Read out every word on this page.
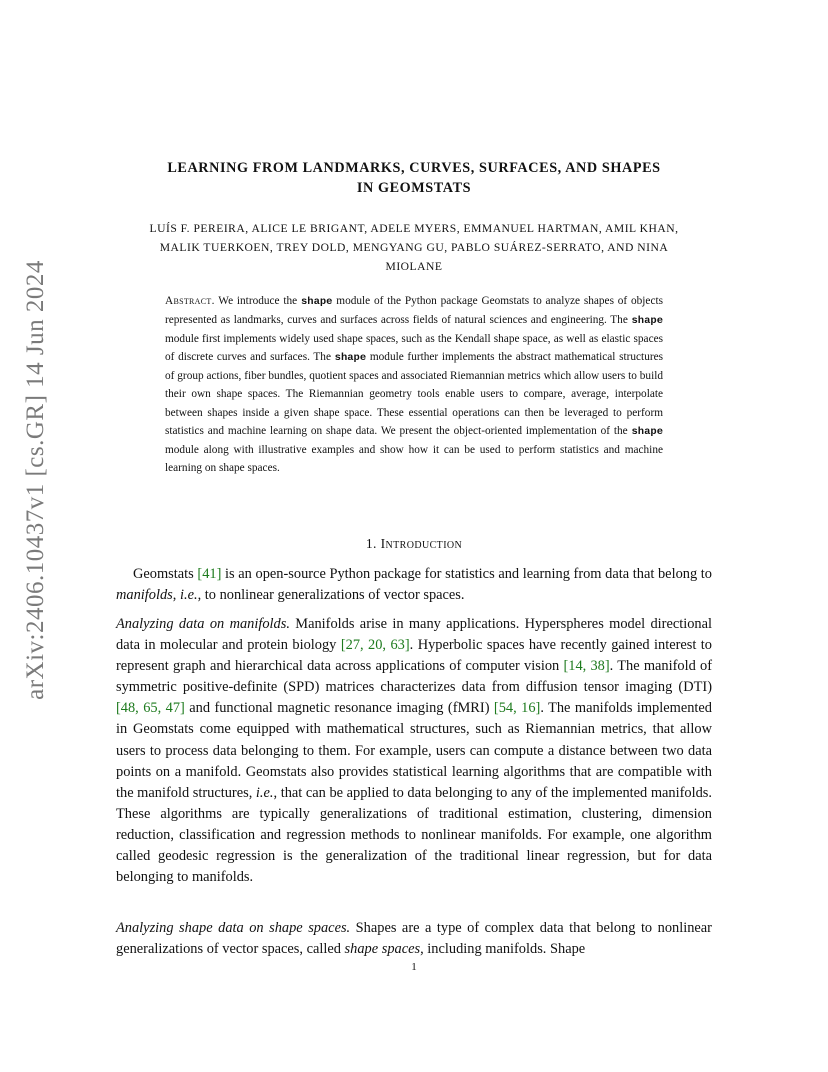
arXiv:2406.10437v1 [cs.GR] 14 Jun 2024
LEARNING FROM LANDMARKS, CURVES, SURFACES, AND SHAPES
IN GEOMSTATS
LUÍS F. PEREIRA, ALICE LE BRIGANT, ADELE MYERS, EMMANUEL HARTMAN, AMIL KHAN,
MALIK TUERKOEN, TREY DOLD, MENGYANG GU, PABLO SUÁREZ-SERRATO, AND NINA
MIOLANE
Abstract. We introduce the shape module of the Python package Geomstats to analyze shapes of objects represented as landmarks, curves and surfaces across fields of natural sciences and engineering. The shape module first implements widely used shape spaces, such as the Kendall shape space, as well as elastic spaces of discrete curves and surfaces. The shape module further implements the abstract mathematical structures of group actions, fiber bundles, quotient spaces and associated Riemannian metrics which allow users to build their own shape spaces. The Riemannian geometry tools enable users to compare, average, interpolate between shapes inside a given shape space. These essential operations can then be leveraged to perform statistics and machine learning on shape data. We present the object-oriented implementation of the shape module along with illustrative examples and show how it can be used to perform statistics and machine learning on shape spaces.
1. Introduction
Geomstats [41] is an open-source Python package for statistics and learning from data that belong to manifolds, i.e., to nonlinear generalizations of vector spaces.
Analyzing data on manifolds. Manifolds arise in many applications. Hyperspheres model directional data in molecular and protein biology [27, 20, 63]. Hyperbolic spaces have recently gained interest to represent graph and hierarchical data across applications of computer vision [14, 38]. The manifold of symmetric positive-definite (SPD) matrices characterizes data from diffusion tensor imaging (DTI) [48, 65, 47] and functional magnetic resonance imaging (fMRI) [54, 16]. The manifolds implemented in Geomstats come equipped with mathematical structures, such as Riemannian metrics, that allow users to process data belonging to them. For example, users can compute a distance between two data points on a manifold. Geomstats also provides statistical learning algorithms that are compatible with the manifold structures, i.e., that can be applied to data belonging to any of the implemented manifolds. These algorithms are typically generalizations of traditional estimation, clustering, dimension reduction, classification and regression methods to nonlinear manifolds. For example, one algorithm called geodesic regression is the generalization of the traditional linear regression, but for data belonging to manifolds.
Analyzing shape data on shape spaces. Shapes are a type of complex data that belong to nonlinear generalizations of vector spaces, called shape spaces, including manifolds. Shape
1
